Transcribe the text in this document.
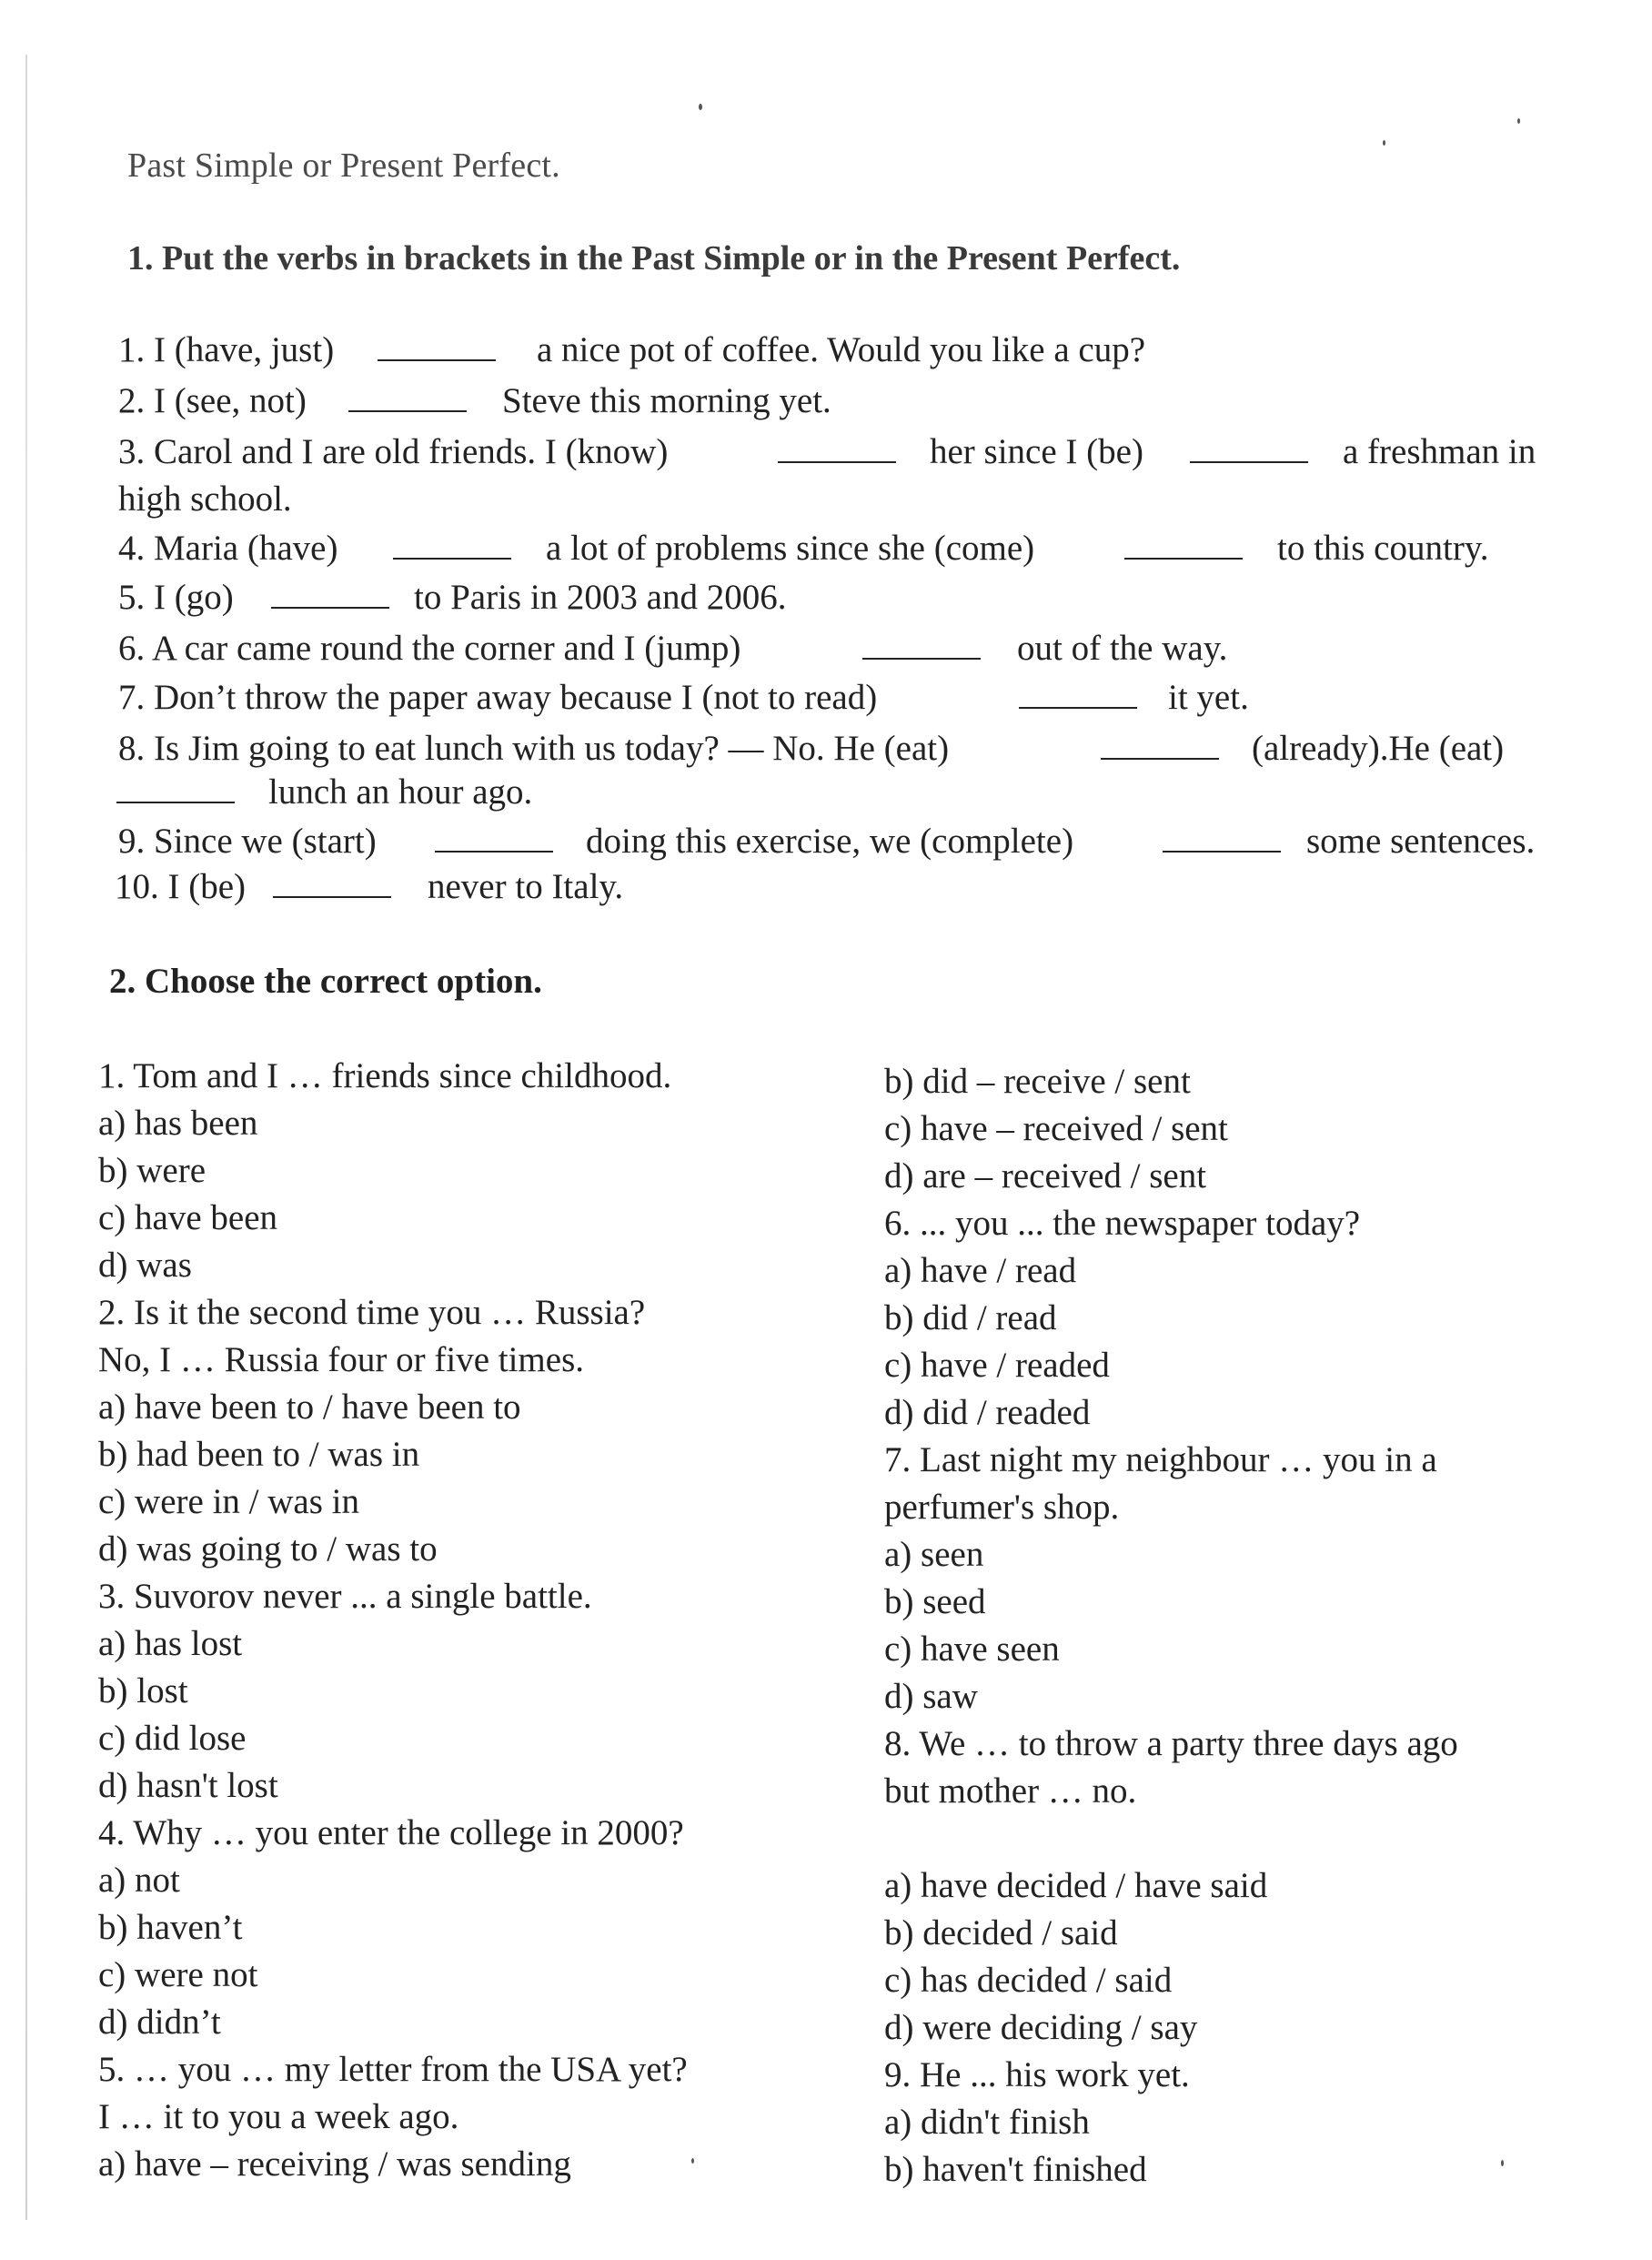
Past Simple or Present Perfect.
1. Put the verbs in brackets in the Past Simple or in the Present Perfect.
1. I (have, just)	a nice pot of coffee. Would you like a cup?
2. I (see, not)	Steve this morning yet.
3. Carol and I are old friends. I (know)	her since I (be)	a freshman in
high school.
4. Maria (have)	a lot of problems since she (come)	to this country.
5. I (go)	to Paris in 2003 and 2006.
6. A car came round the corner and I (jump)	out of the way.
7. Don’t throw the paper away because I (not to read)	it yet.
8. Is Jim going to eat lunch with us today? — No. He (eat)	(already).He (eat)
lunch an hour ago.
9. Since we (start)	doing this exercise, we (complete)	some sentences.
10. I (be)	never to Italy.
2. Choose the correct option.
1. Tom and I … friends since childhood.
a) has been
b) were
c) have been
d) was
2. Is it the second time you … Russia?
No, I … Russia four or five times.
a) have been to / have been to
b) had been to / was in
c) were in / was in
d) was going to / was to
3. Suvorov never ... a single battle.
a) has lost
b) lost
c) did lose
d) hasn't lost
4. Why … you enter the college in 2000?
a) not
b) haven’t
c) were not
d) didn’t
5. … you … my letter from the USA yet?
I … it to you a week ago.
a) have – receiving / was sending
b) did – receive / sent
c) have – received / sent
d) are – received / sent
6. ... you ... the newspaper today?
a) have / read
b) did / read
c) have / readed
d) did / readed
7. Last night my neighbour … you in a
perfumer's shop.
a) seen
b) seed
c) have seen
d) saw
8. We … to throw a party three days ago
but mother … no.
a) have decided / have said
b) decided / said
c) has decided / said
d) were deciding / say
9. He ... his work yet.
a) didn't finish
b) haven't finished
